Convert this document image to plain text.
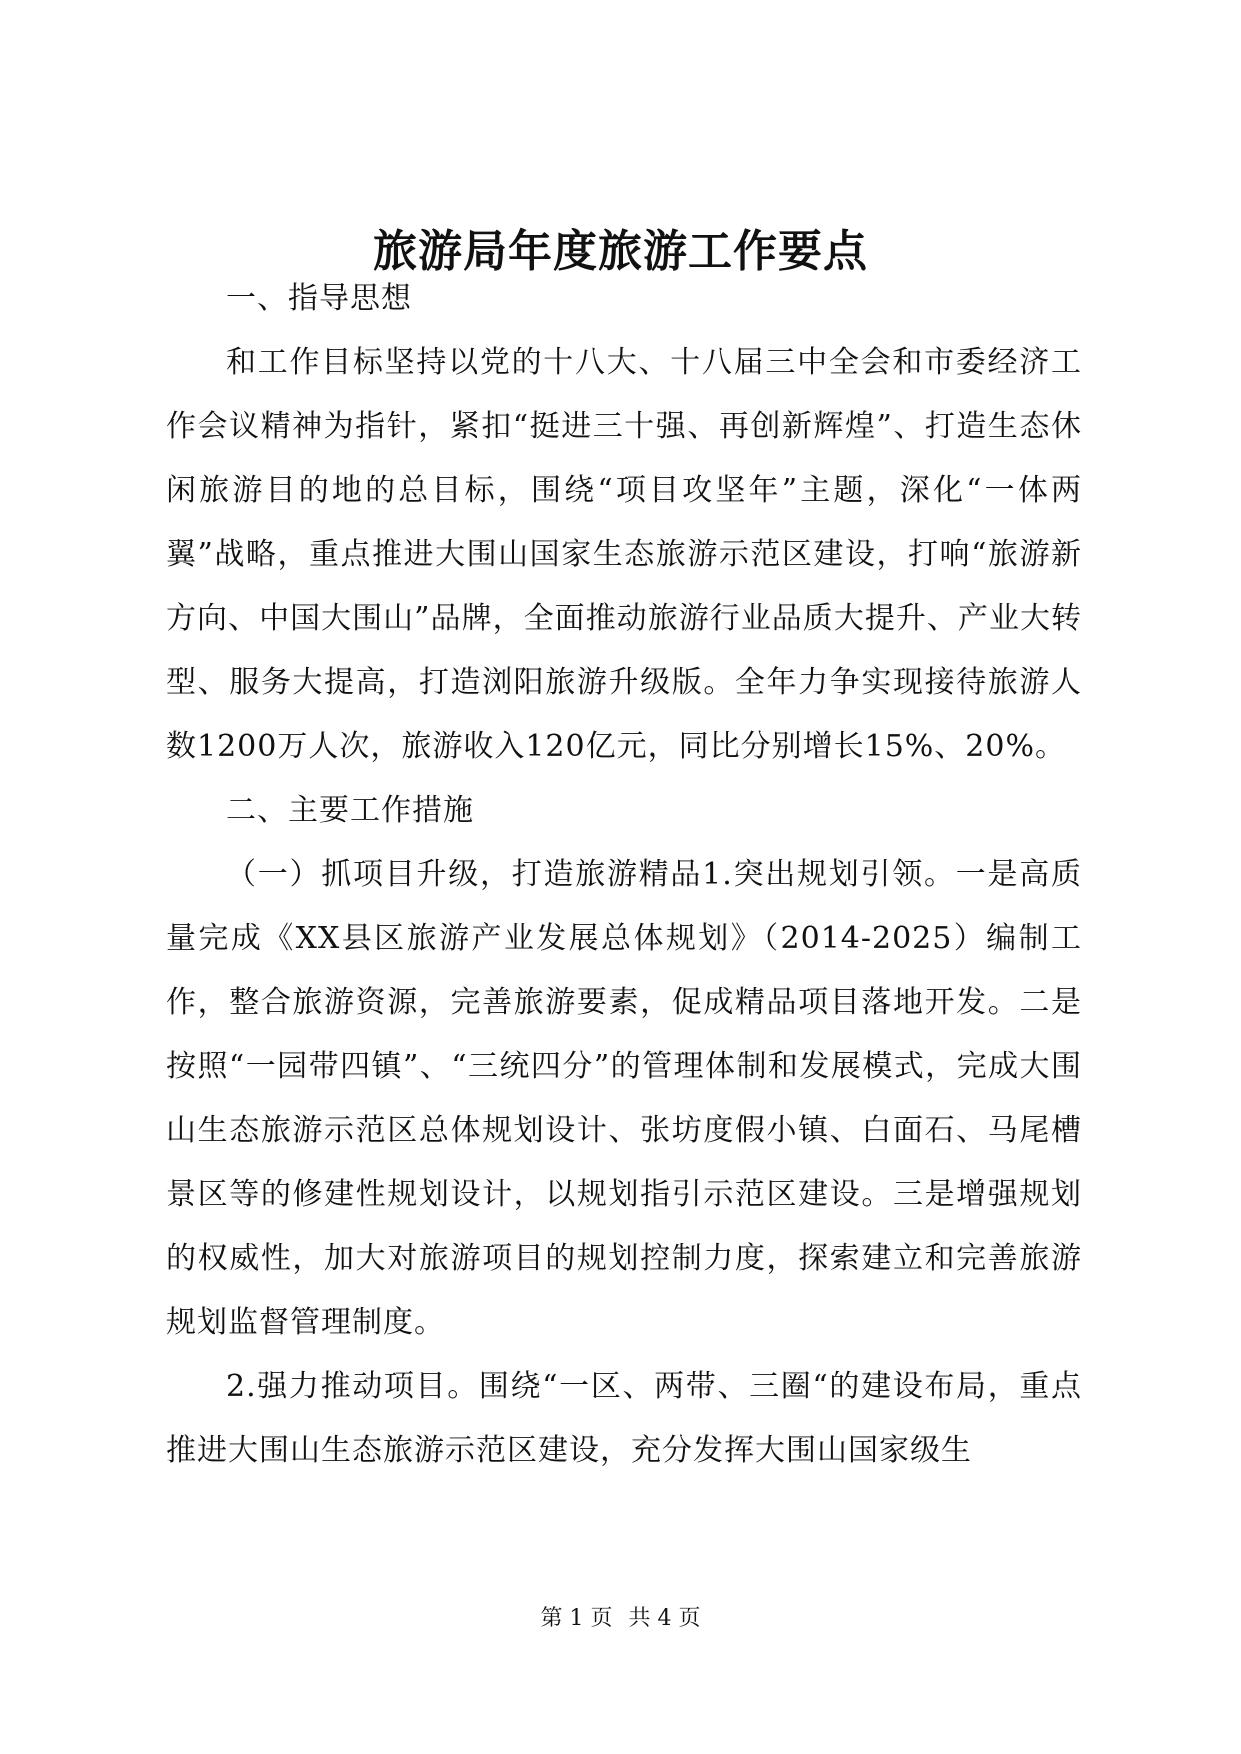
旅游局年度旅游工作要点

一、指导思想

和工作目标坚持以党的十八大、十八届三中全会和市委经济工作会议精神为指针，紧扣“挺进三十强、再创新辉煌”、打造生态休闲旅游目的地的总目标，围绕“项目攻坚年”主题，深化“一体两翼”战略，重点推进大围山国家生态旅游示范区建设，打响“旅游新方向、中国大围山”品牌，全面推动旅游行业品质大提升、产业大转型、服务大提高，打造浏阳旅游升级版。全年力争实现接待旅游人数1200万人次，旅游收入120亿元，同比分别增长15%、20%。

二、主要工作措施

（一）抓项目升级，打造旅游精品1.突出规划引领。一是高质量完成《XX县区旅游产业发展总体规划》（2014-2025）编制工作，整合旅游资源，完善旅游要素，促成精品项目落地开发。二是按照“一园带四镇”、“三统四分”的管理体制和发展模式，完成大围山生态旅游示范区总体规划设计、张坊度假小镇、白面石、马尾槽景区等的修建性规划设计，以规划指引示范区建设。三是增强规划的权威性，加大对旅游项目的规划控制力度，探索建立和完善旅游规划监督管理制度。

2.强力推动项目。围绕“一区、两带、三圈“的建设布局，重点推进大围山生态旅游示范区建设，充分发挥大围山国家级生

第 1 页 共 4 页
